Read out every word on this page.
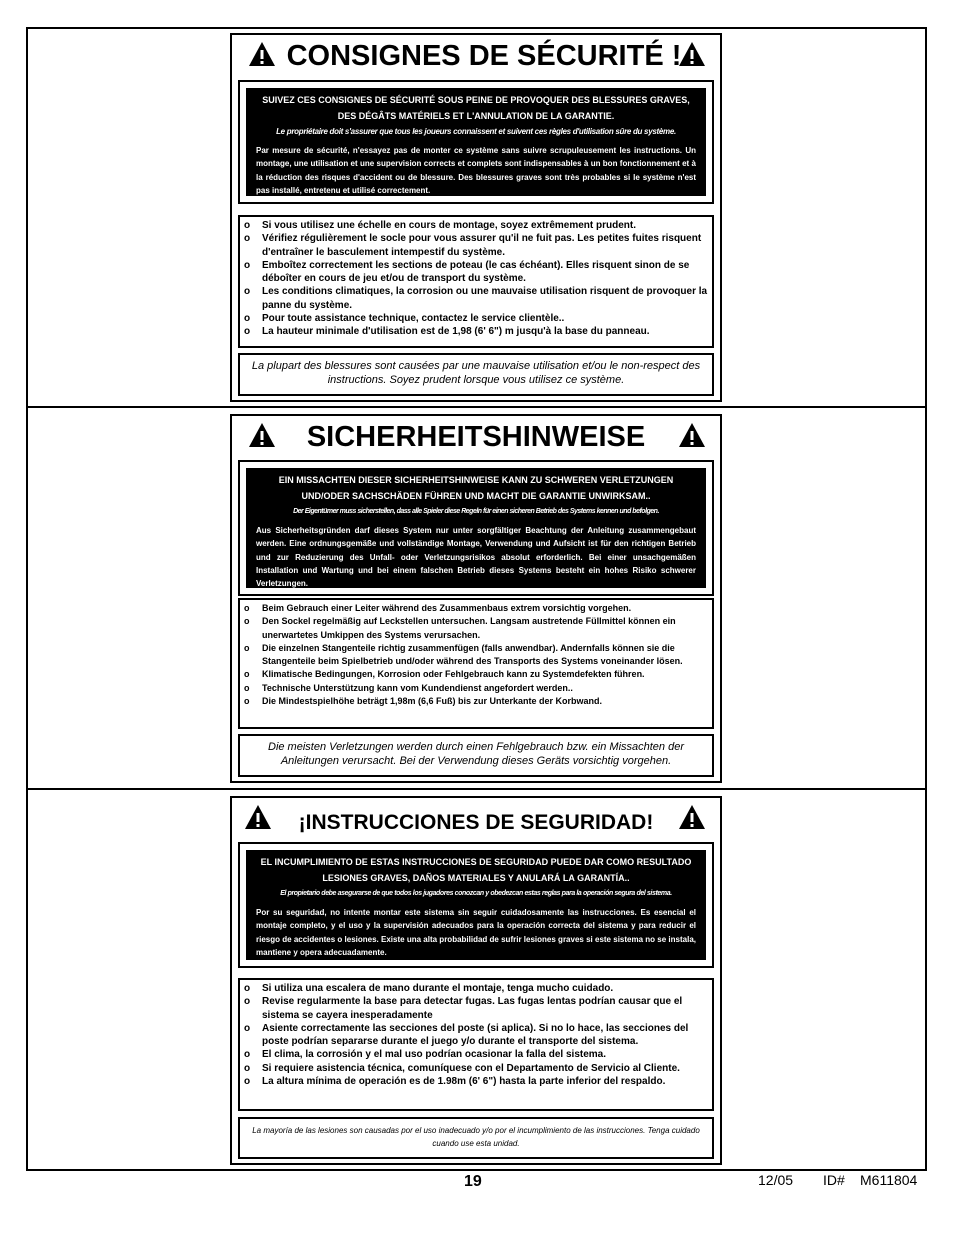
CONSIGNES DE SÉCURITÉ !
SUIVEZ CES CONSIGNES DE SÉCURITÉ SOUS PEINE DE PROVOQUER DES BLESSURES GRAVES, DES DÉGÂTS MATÉRIELS ET L'ANNULATION DE LA GARANTIE.
Le propriétaire doit s'assurer que tous les joueurs connaissent et suivent ces règles d'utilisation sûre du système.
Par mesure de sécurité, n'essayez pas de monter ce système sans suivre scrupuleusement les instructions. Un montage, une utilisation et une supervision corrects et complets sont indispensables à un bon fonctionnement et à la réduction des risques d'accident ou de blessure. Des blessures graves sont très probables si le système n'est pas installé, entretenu et utilisé correctement.
o Si vous utilisez une échelle en cours de montage, soyez extrêmement prudent.
o Vérifiez régulièrement le socle pour vous assurer qu'il ne fuit pas. Les petites fuites risquent d'entraîner le basculement intempestif du système.
o Emboîtez correctement les sections de poteau (le cas échéant). Elles risquent sinon de se déboîter en cours de jeu et/ou de transport du système.
o Les conditions climatiques, la corrosion ou une mauvaise utilisation risquent de provoquer la panne du système.
o Pour toute assistance technique, contactez le service clientèle..
o La hauteur minimale d'utilisation est de 1,98 (6' 6") m jusqu'à la base du panneau.
La plupart des blessures sont causées par une mauvaise utilisation et/ou le non-respect des instructions. Soyez prudent lorsque vous utilisez ce système.
SICHERHEITSHINWEISE
EIN MISSACHTEN DIESER SICHERHEITSHINWEISE KANN ZU SCHWEREN VERLETZUNGEN UND/ODER SACHSCHÄDEN FÜHREN UND MACHT DIE GARANTIE UNWIRKSAM..
Der Eigentümer muss sicherstellen, dass alle Spieler diese Regeln für einen sicheren Betrieb des Systems kennen und befolgen.
Aus Sicherheitsgründen darf dieses System nur unter sorgfältiger Beachtung der Anleitung zusammengebaut werden. Eine ordnungsgemäße und vollständige Montage, Verwendung und Aufsicht ist für den richtigen Betrieb und zur Reduzierung des Unfall- oder Verletzungsrisikos absolut erforderlich. Bei einer unsachgemäßen Installation und Wartung und bei einem falschen Betrieb dieses Systems besteht ein hohes Risiko schwerer Verletzungen.
o Beim Gebrauch einer Leiter während des Zusammenbaus extrem vorsichtig vorgehen.
o Den Sockel regelmäßig auf Leckstellen untersuchen. Langsam austretende Füllmittel können ein unerwartetes Umkippen des Systems verursachen.
o Die einzelnen Stangenteile richtig zusammenfügen (falls anwendbar). Andernfalls können sie die Stangenteile beim Spielbetrieb und/oder während des Transports des Systems voneinander lösen.
o Klimatische Bedingungen, Korrosion oder Fehlgebrauch kann zu Systemdefekten führen.
o Technische Unterstützung kann vom Kundendienst angefordert werden..
o Die Mindestspielhöhe beträgt 1,98m (6,6 Fuß) bis zur Unterkante der Korbwand.
Die meisten Verletzungen werden durch einen Fehlgebrauch bzw. ein Missachten der Anleitungen verursacht. Bei der Verwendung dieses Geräts vorsichtig vorgehen.
¡INSTRUCCIONES DE SEGURIDAD!
EL INCUMPLIMIENTO DE ESTAS INSTRUCCIONES DE SEGURIDAD PUEDE DAR COMO RESULTADO LESIONES GRAVES, DAÑOS MATERIALES Y ANULARÁ LA GARANTÍA..
El propietario debe asegurarse de que todos los jugadores conozcan y obedezcan estas reglas para la operación segura del sistema.
Por su seguridad, no intente montar este sistema sin seguir cuidadosamente las instrucciones. Es esencial el montaje completo, y el uso y la supervisión adecuados para la operación correcta del sistema y para reducir el riesgo de accidentes o lesiones. Existe una alta probabilidad de sufrir lesiones graves si este sistema no se instala, mantiene y opera adecuadamente.
o Si utiliza una escalera de mano durante el montaje, tenga mucho cuidado.
o Revise regularmente la base para detectar fugas. Las fugas lentas podrían causar que el sistema se cayera inesperadamente
o Asiente correctamente las secciones del poste (si aplica). Si no lo hace, las secciones del poste podrían separarse durante el juego y/o durante el transporte del sistema.
o El clima, la corrosión y el mal uso podrían ocasionar la falla del sistema.
o Si requiere asistencia técnica, comuníquese con el Departamento de Servicio al Cliente.
o La altura mínima de operación es de 1.98m (6' 6") hasta la parte inferior del respaldo.
La mayoría de las lesiones son causadas por el uso inadecuado y/o por el incumplimiento de las instrucciones. Tenga cuidado cuando use esta unidad.
19	12/05 ID# M611804
